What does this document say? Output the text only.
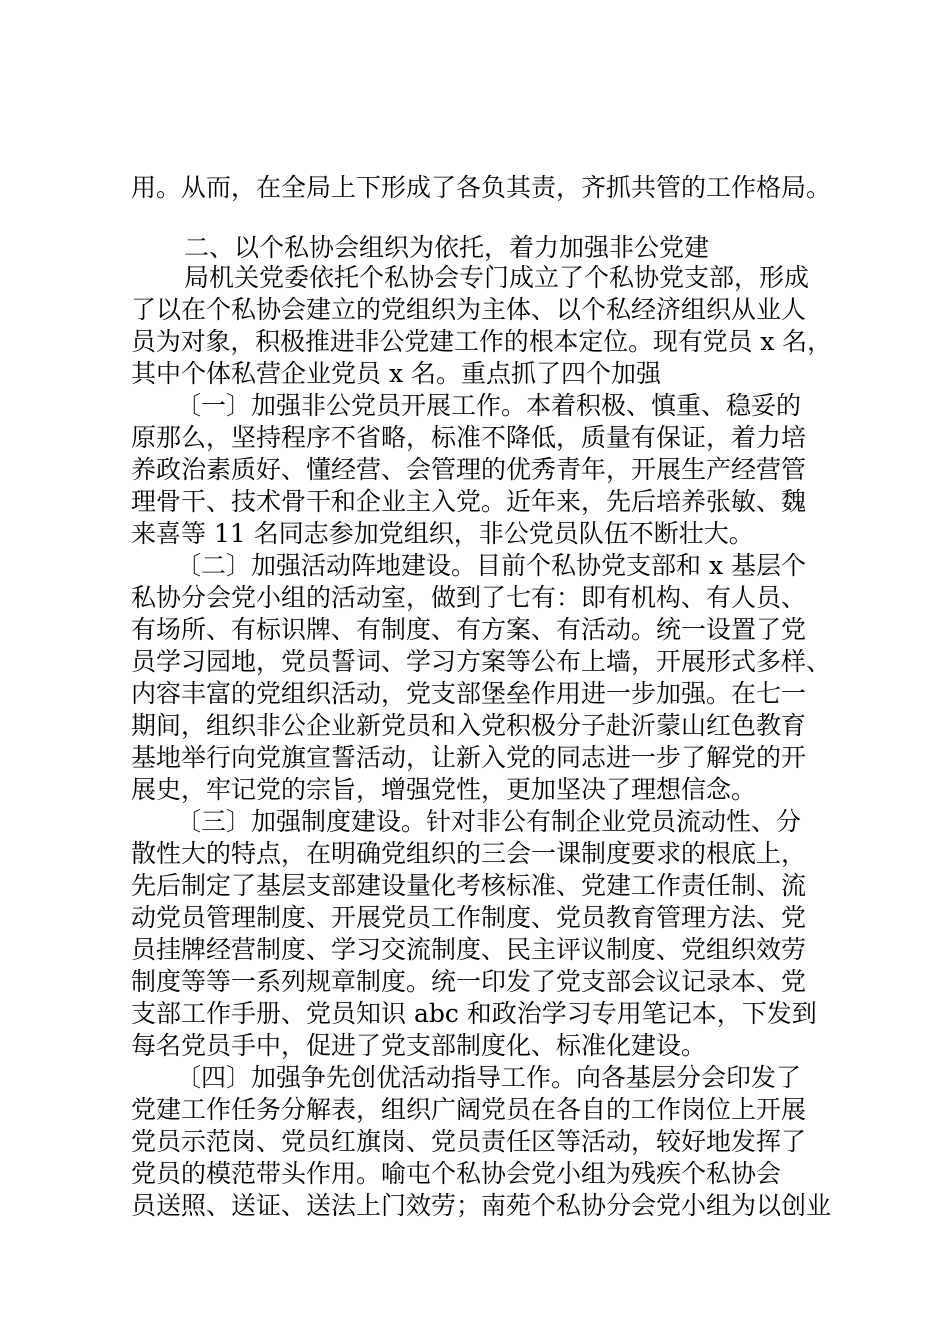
用。从而，在全局上下形成了各负其责，齐抓共管的工作格局。
二、以个私协会组织为依托，着力加强非公党建
局机关党委依托个私协会专门成立了个私协党支部，形成
了以在个私协会建立的党组织为主体、以个私经济组织从业人
员为对象，积极推进非公党建工作的根本定位。现有党员 x 名，
其中个体私营企业党员 x 名。重点抓了四个加强
〔一〕加强非公党员开展工作。本着积极、慎重、稳妥的
原那么，坚持程序不省略，标准不降低，质量有保证，着力培
养政治素质好、懂经营、会管理的优秀青年，开展生产经营管
理骨干、技术骨干和企业主入党。近年来，先后培养张敏、魏
来喜等 11 名同志参加党组织，非公党员队伍不断壮大。
〔二〕加强活动阵地建设。目前个私协党支部和 x 基层个
私协分会党小组的活动室，做到了七有：即有机构、有人员、
有场所、有标识牌、有制度、有方案、有活动。统一设置了党
员学习园地，党员誓词、学习方案等公布上墙，开展形式多样、
内容丰富的党组织活动，党支部堡垒作用进一步加强。在七一
期间，组织非公企业新党员和入党积极分子赴沂蒙山红色教育
基地举行向党旗宣誓活动，让新入党的同志进一步了解党的开
展史，牢记党的宗旨，增强党性，更加坚决了理想信念。
〔三〕加强制度建设。针对非公有制企业党员流动性、分
散性大的特点，在明确党组织的三会一课制度要求的根底上，
先后制定了基层支部建设量化考核标准、党建工作责任制、流
动党员管理制度、开展党员工作制度、党员教育管理方法、党
员挂牌经营制度、学习交流制度、民主评议制度、党组织效劳
制度等等一系列规章制度。统一印发了党支部会议记录本、党
支部工作手册、党员知识 abc 和政治学习专用笔记本，下发到
每名党员手中，促进了党支部制度化、标准化建设。
〔四〕加强争先创优活动指导工作。向各基层分会印发了
党建工作任务分解表，组织广阔党员在各自的工作岗位上开展
党员示范岗、党员红旗岗、党员责任区等活动，较好地发挥了
党员的模范带头作用。喻屯个私协会党小组为残疾个私协会
员送照、送证、送法上门效劳；南苑个私协分会党小组为以创业
